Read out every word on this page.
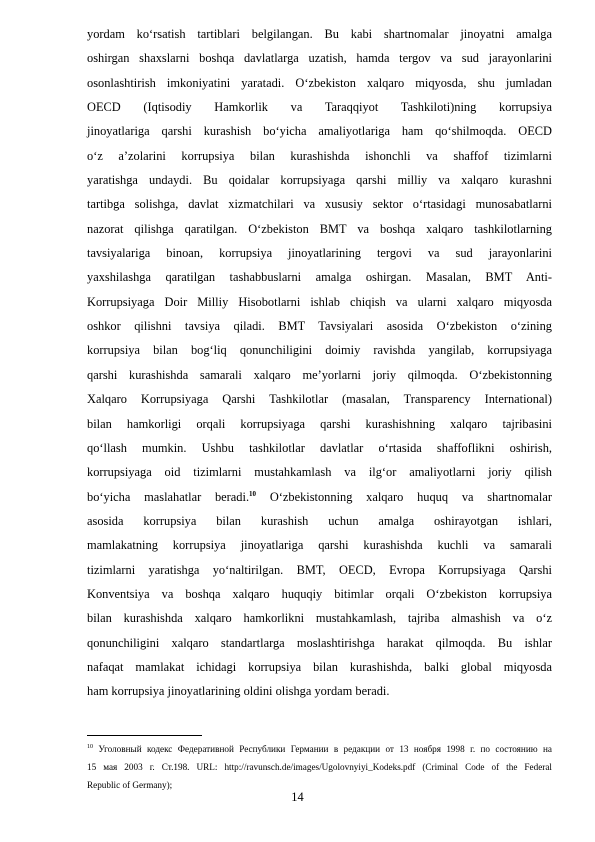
yordam ko‘rsatish tartiblari belgilangan. Bu kabi shartnomalar jinoyatni amalga
oshirgan shaxslarni boshqa davlatlarga uzatish, hamda tergov va sud jarayonlarini
osonlashtirish imkoniyatini yaratadi. O‘zbekiston xalqaro miqyosda, shu jumladan
OECD (Iqtisodiy Hamkorlik va Taraqqiyot Tashkiloti)ning korrupsiya
jinoyatlariga qarshi kurashish bo‘yicha amaliyotlariga ham qo‘shilmoqda. OECD
o‘z a’zolarini korrupsiya bilan kurashishda ishonchli va shaffof tizimlarni
yaratishga undaydi. Bu qoidalar korrupsiyaga qarshi milliy va xalqaro kurashni
tartibga solishga, davlat xizmatchilari va xususiy sektor o‘rtasidagi munosabatlarni
nazorat qilishga qaratilgan. O‘zbekiston BMT va boshqa xalqaro tashkilotlarning
tavsiyalariga binoan, korrupsiya jinoyatlarining tergovi va sud jarayonlarini
yaxshilashga qaratilgan tashabbuslarni amalga oshirgan. Masalan, BMT Anti-
Korrupsiyaga Doir Milliy Hisobotlarni ishlab chiqish va ularni xalqaro miqyosda
oshkor qilishni tavsiya qiladi. BMT Tavsiyalari asosida O‘zbekiston o‘zining
korrupsiya bilan bog‘liq qonunchiligini doimiy ravishda yangilab, korrupsiyaga
qarshi kurashishda samarali xalqaro me’yorlarni joriy qilmoqda. O‘zbekistonning
Xalqaro Korrupsiyaga Qarshi Tashkilotlar (masalan, Transparency International)
bilan hamkorligi orqali korrupsiyaga qarshi kurashishning xalqaro tajribasini
qo‘llash mumkin. Ushbu tashkilotlar davlatlar o‘rtasida shaffoflikni oshirish,
korrupsiyaga oid tizimlarni mustahkamlash va ilg‘or amaliyotlarni joriy qilish
bo‘yicha maslahatlar beradi.$^{10}$ O‘zbekistonning xalqaro huquq va shartnomalar
asosida korrupsiya bilan kurashish uchun amalga oshirayotgan ishlari,
mamlakatning korrupsiya jinoyatlariga qarshi kurashishda kuchli va samarali
tizimlarni yaratishga yo‘naltirilgan. BMT, OECD, Evropa Korrupsiyaga Qarshi
Konventsiya va boshqa xalqaro huquqiy bitimlar orqali O‘zbekiston korrupsiya
bilan kurashishda xalqaro hamkorlikni mustahkamlash, tajriba almashish va o‘z
qonunchiligini xalqaro standartlarga moslashtirishga harakat qilmoqda. Bu ishlar
nafaqat mamlakat ichidagi korrupsiya bilan kurashishda, balki global miqyosda
ham korrupsiya jinoyatlarining oldini olishga yordam beradi.
$^{10}$ Уголовный кодекс Федеративной Республики Германии в редакции от 13 ноября 1998 г. по состоянию на
15 мая 2003 г. Ст.198. URL: http://ravunsch.de/images/Ugolovnyiyi_Kodeks.pdf (Criminal Code of the Federal
Republic of Germany);
14
